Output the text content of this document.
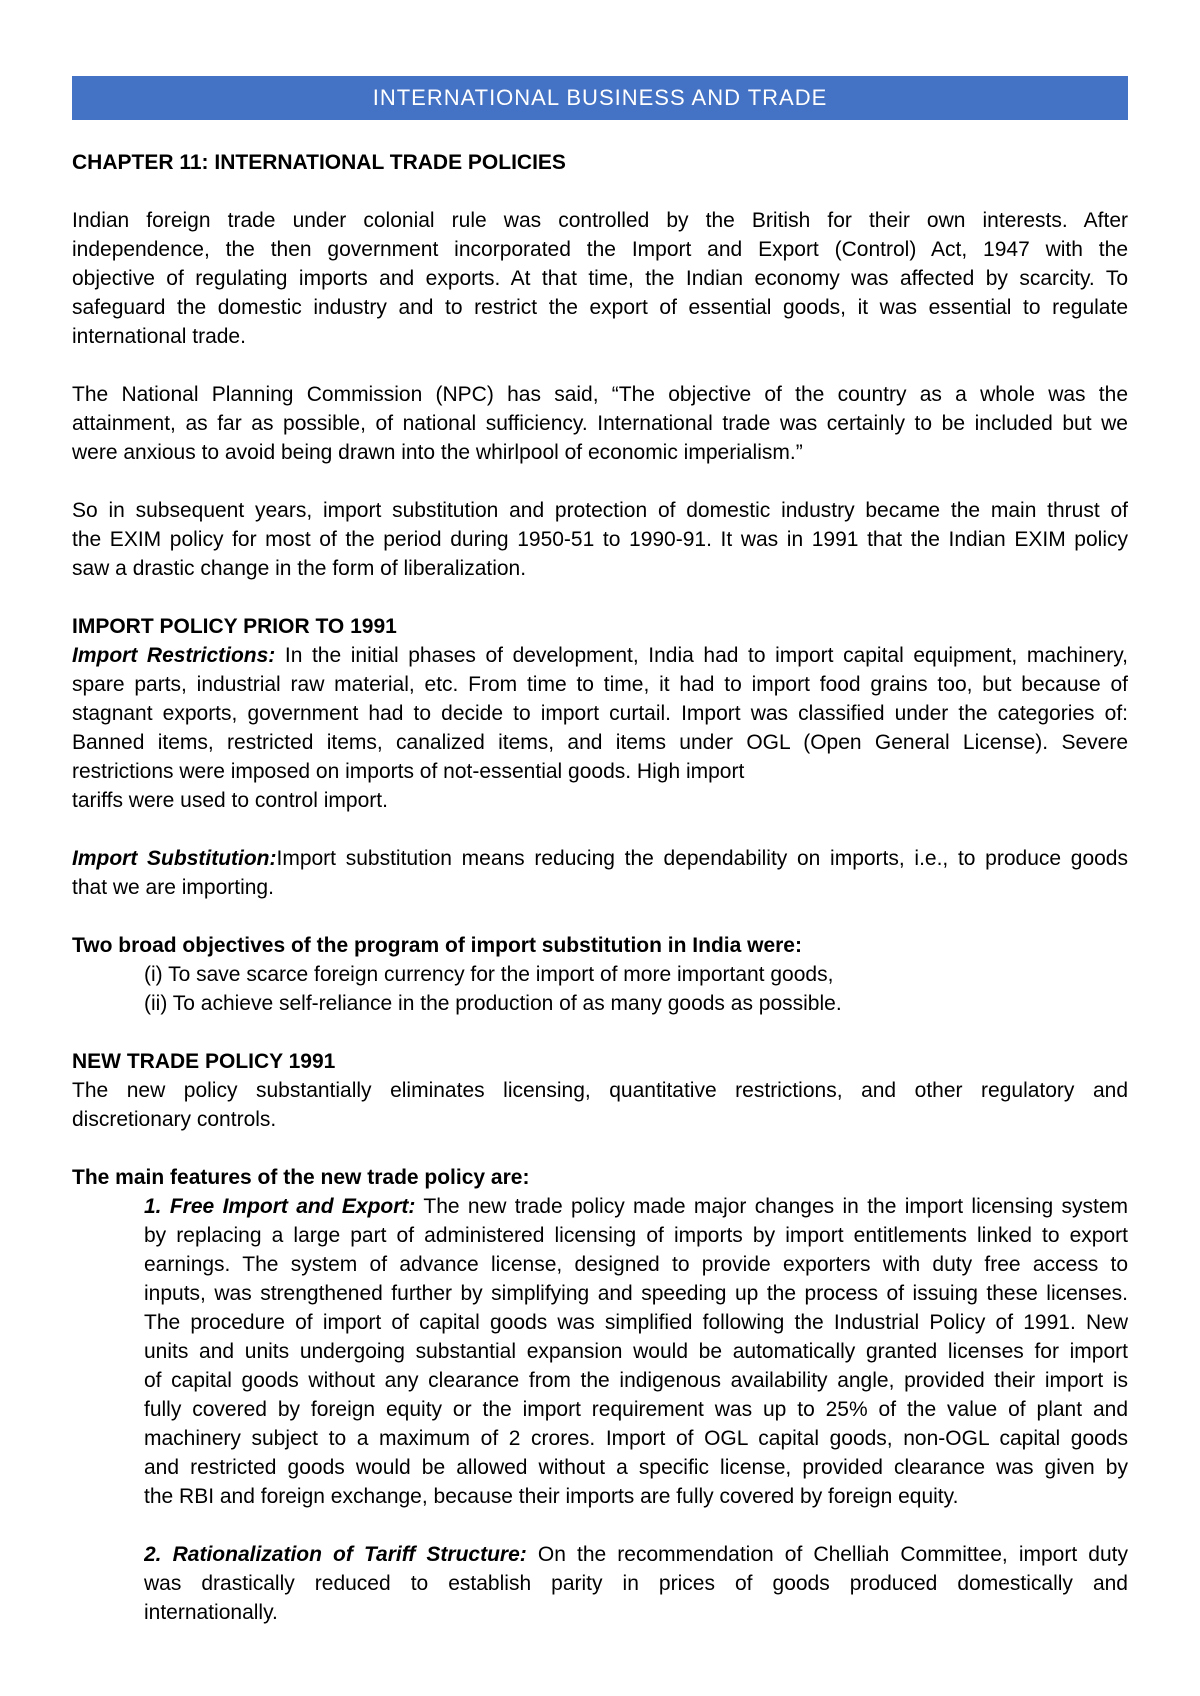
INTERNATIONAL BUSINESS AND TRADE
CHAPTER 11: INTERNATIONAL TRADE POLICIES
Indian foreign trade under colonial rule was controlled by the British for their own interests. After
independence, the then government incorporated the Import and Export (Control) Act, 1947 with the
objective of regulating imports and exports. At that time, the Indian economy was affected by scarcity. To
safeguard the domestic industry and to restrict the export of essential goods, it was essential to regulate
international trade.
The National Planning Commission (NPC) has said, “The objective of the country as a whole was the
attainment, as far as possible, of national sufficiency. International trade was certainly to be included but we
were anxious to avoid being drawn into the whirlpool of economic imperialism.”
So in subsequent years, import substitution and protection of domestic industry became the main thrust of
the EXIM policy for most of the period during 1950-51 to 1990-91. It was in 1991 that the Indian EXIM policy
saw a drastic change in the form of liberalization.
IMPORT POLICY PRIOR TO 1991
Import Restrictions: In the initial phases of development, India had to import capital equipment, machinery,
spare parts, industrial raw material, etc. From time to time, it had to import food grains too, but because of
stagnant exports, government had to decide to import curtail. Import was classified under the categories of:
Banned items, restricted items, canalized items, and items under OGL (Open General License). Severe
restrictions were imposed on imports of not-essential goods. High import
tariffs were used to control import.
Import Substitution:Import substitution means reducing the dependability on imports, i.e., to produce goods
that we are importing.
Two broad objectives of the program of import substitution in India were:
(i) To save scarce foreign currency for the import of more important goods,
(ii) To achieve self-reliance in the production of as many goods as possible.
NEW TRADE POLICY 1991
The new policy substantially eliminates licensing, quantitative restrictions, and other regulatory and
discretionary controls.
The main features of the new trade policy are:
1. Free Import and Export: The new trade policy made major changes in the import licensing system
by replacing a large part of administered licensing of imports by import entitlements linked to export
earnings. The system of advance license, designed to provide exporters with duty free access to
inputs, was strengthened further by simplifying and speeding up the process of issuing these licenses.
The procedure of import of capital goods was simplified following the Industrial Policy of 1991. New
units and units undergoing substantial expansion would be automatically granted licenses for import
of capital goods without any clearance from the indigenous availability angle, provided their import is
fully covered by foreign equity or the import requirement was up to 25% of the value of plant and
machinery subject to a maximum of 2 crores. Import of OGL capital goods, non-OGL capital goods
and restricted goods would be allowed without a specific license, provided clearance was given by
the RBI and foreign exchange, because their imports are fully covered by foreign equity.
2. Rationalization of Tariff Structure: On the recommendation of Chelliah Committee, import duty
was drastically reduced to establish parity in prices of goods produced domestically and
internationally.
